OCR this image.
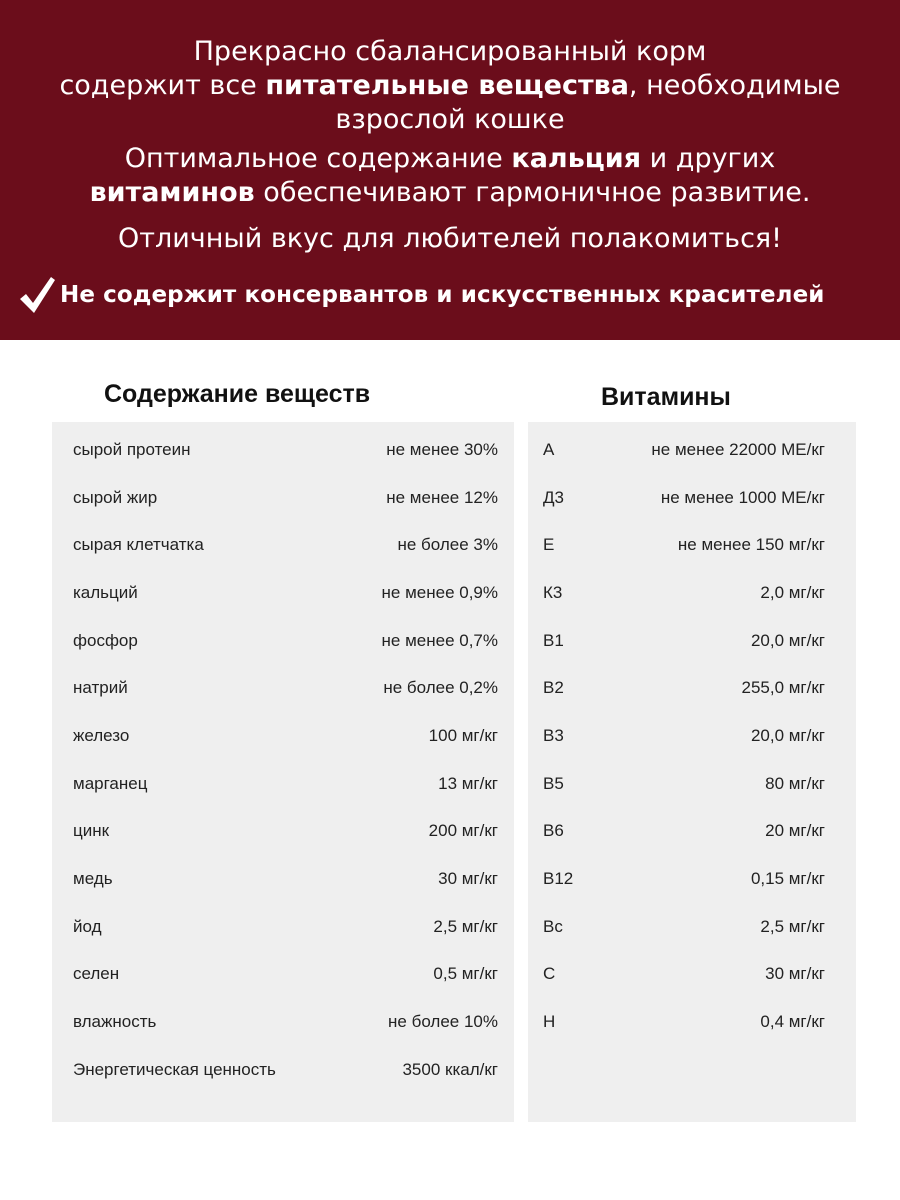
Прекрасно сбалансированный корм
содержит все питательные вещества, необходимые
взрослой кошке
Оптимальное содержание кальция и других
витаминов обеспечивают гармоничное развитие.
Отличный вкус для любителей полакомиться!
Не содержит консервантов и искусственных красителей
Содержание веществ	Витамины
сырой протеин	не менее 30%
сырой жир	не менее 12%
сырая клетчатка	не более 3%
кальций	не менее 0,9%
фосфор	не менее 0,7%
натрий	не более 0,2%
железо	100 мг/кг
марганец	13 мг/кг
цинк	200 мг/кг
медь	30 мг/кг
йод	2,5 мг/кг
селен	0,5 мг/кг
влажность	не более 10%
Энергетическая ценность	3500 ккал/кг
А	не менее 22000 МЕ/кг
Д3	не менее 1000 МЕ/кг
Е	не менее 150 мг/кг
К3	2,0 мг/кг
В1	20,0 мг/кг
В2	255,0 мг/кг
В3	20,0 мг/кг
В5	80 мг/кг
В6	20 мг/кг
В12	0,15 мг/кг
Вс	2,5 мг/кг
С	30 мг/кг
Н	0,4 мг/кг
